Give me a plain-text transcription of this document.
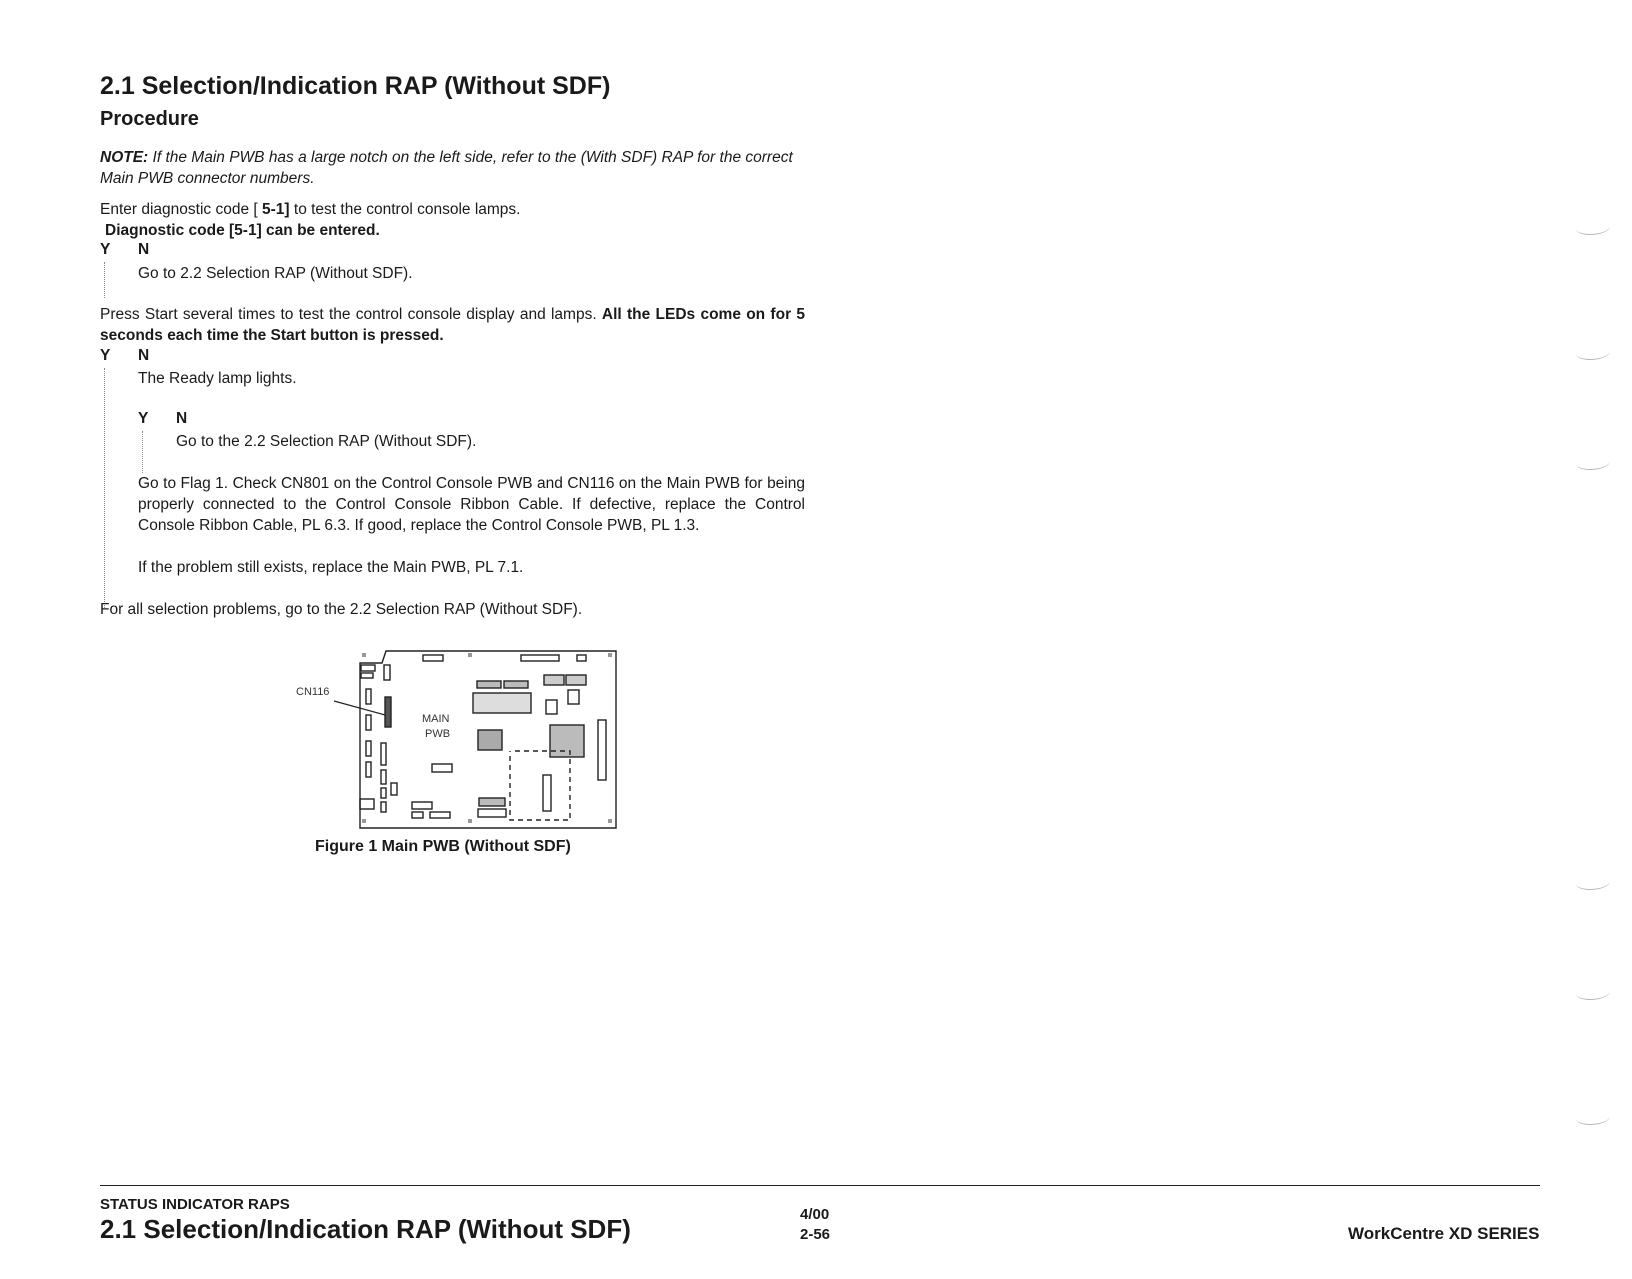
2.1 Selection/Indication RAP (Without SDF)
Procedure
NOTE: If the Main PWB has a large notch on the left side, refer to the (With SDF) RAP for the correct Main PWB connector numbers.
Enter diagnostic code [ 5-1] to test the control console lamps.
Diagnostic code [5-1] can be entered.
Y N
Go to 2.2 Selection RAP (Without SDF).
Press Start several times to test the control console display and lamps. All the LEDs come on for 5 seconds each time the Start button is pressed.
Y N
The Ready lamp lights.
Y N
Go to the 2.2 Selection RAP (Without SDF).
Go to Flag 1. Check CN801 on the Control Console PWB and CN116 on the Main PWB for being properly connected to the Control Console Ribbon Cable. If defective, replace the Control Console Ribbon Cable, PL 6.3. If good, replace the Control Console PWB, PL 1.3.
If the problem still exists, replace the Main PWB, PL 7.1.
For all selection problems, go to the 2.2 Selection RAP (Without SDF).
CN116
MAIN
PWB
Figure 1 Main PWB (Without SDF)
STATUS INDICATOR RAPS
2.1 Selection/Indication RAP (Without SDF)	4/00
2-56	WorkCentre XD SERIES
